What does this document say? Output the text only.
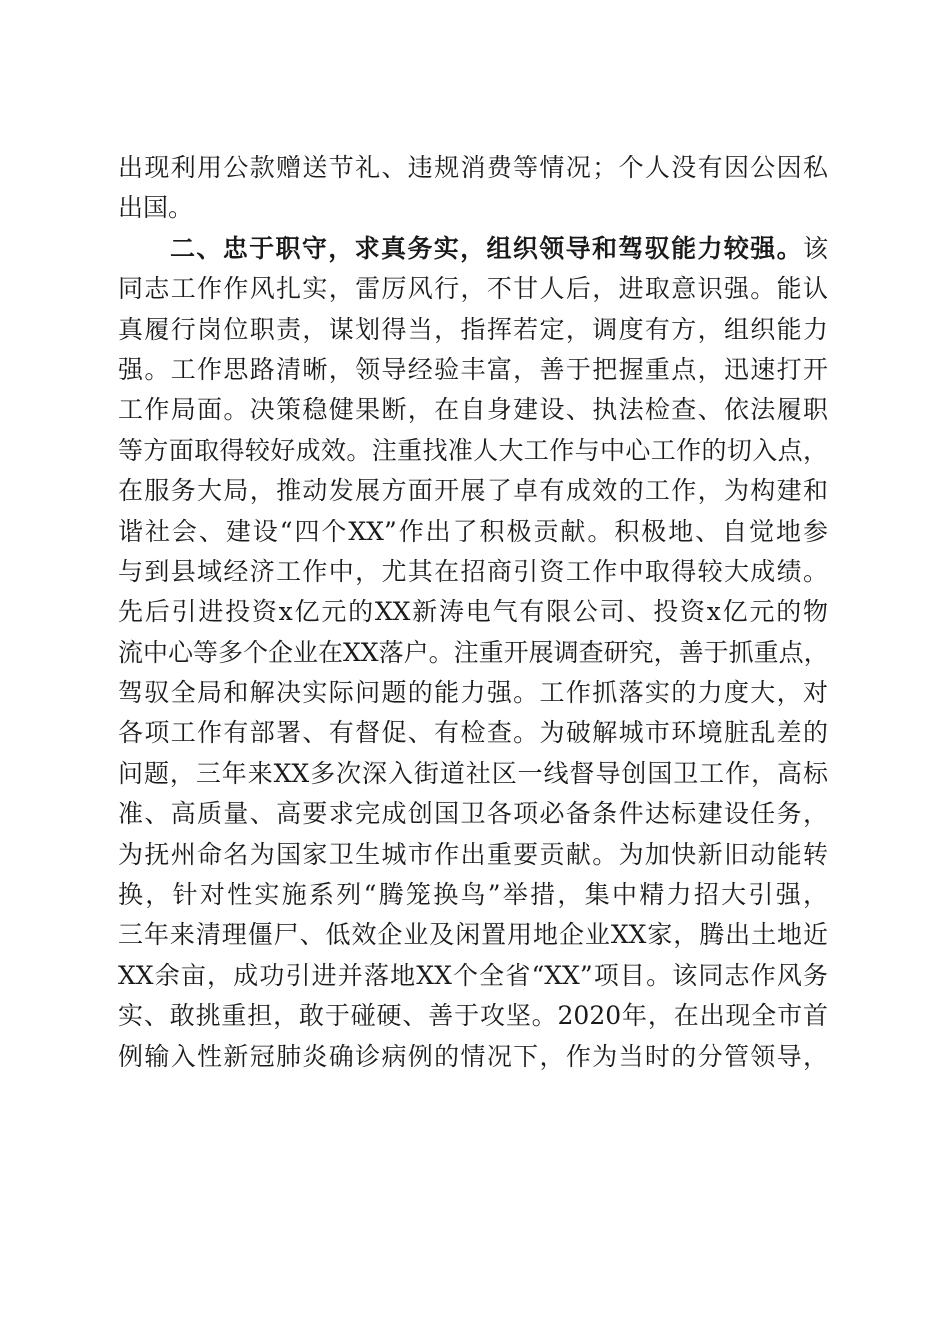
出现利用公款赠送节礼、违规消费等情况；个人没有因公因私
出国。
二、忠于职守，求真务实，组织领导和驾驭能力较强。该
同志工作作风扎实，雷厉风行，不甘人后，进取意识强。能认
真履行岗位职责，谋划得当，指挥若定，调度有方，组织能力
强。工作思路清晰，领导经验丰富，善于把握重点，迅速打开
工作局面。决策稳健果断，在自身建设、执法检查、依法履职
等方面取得较好成效。注重找准人大工作与中心工作的切入点，
在服务大局，推动发展方面开展了卓有成效的工作，为构建和
谐社会、建设“四个XX”作出了积极贡献。积极地、自觉地参
与到县域经济工作中，尤其在招商引资工作中取得较大成绩。
先后引进投资x亿元的XX新涛电气有限公司、投资x亿元的物
流中心等多个企业在XX落户。注重开展调查研究，善于抓重点，
驾驭全局和解决实际问题的能力强。工作抓落实的力度大，对
各项工作有部署、有督促、有检查。为破解城市环境脏乱差的
问题，三年来XX多次深入街道社区一线督导创国卫工作，高标
准、高质量、高要求完成创国卫各项必备条件达标建设任务，
为抚州命名为国家卫生城市作出重要贡献。为加快新旧动能转
换，针对性实施系列“腾笼换鸟”举措，集中精力招大引强，
三年来清理僵尸、低效企业及闲置用地企业XX家，腾出土地近
XX余亩，成功引进并落地XX个全省“XX”项目。该同志作风务
实、敢挑重担，敢于碰硬、善于攻坚。2020年，在出现全市首
例输入性新冠肺炎确诊病例的情况下，作为当时的分管领导，
